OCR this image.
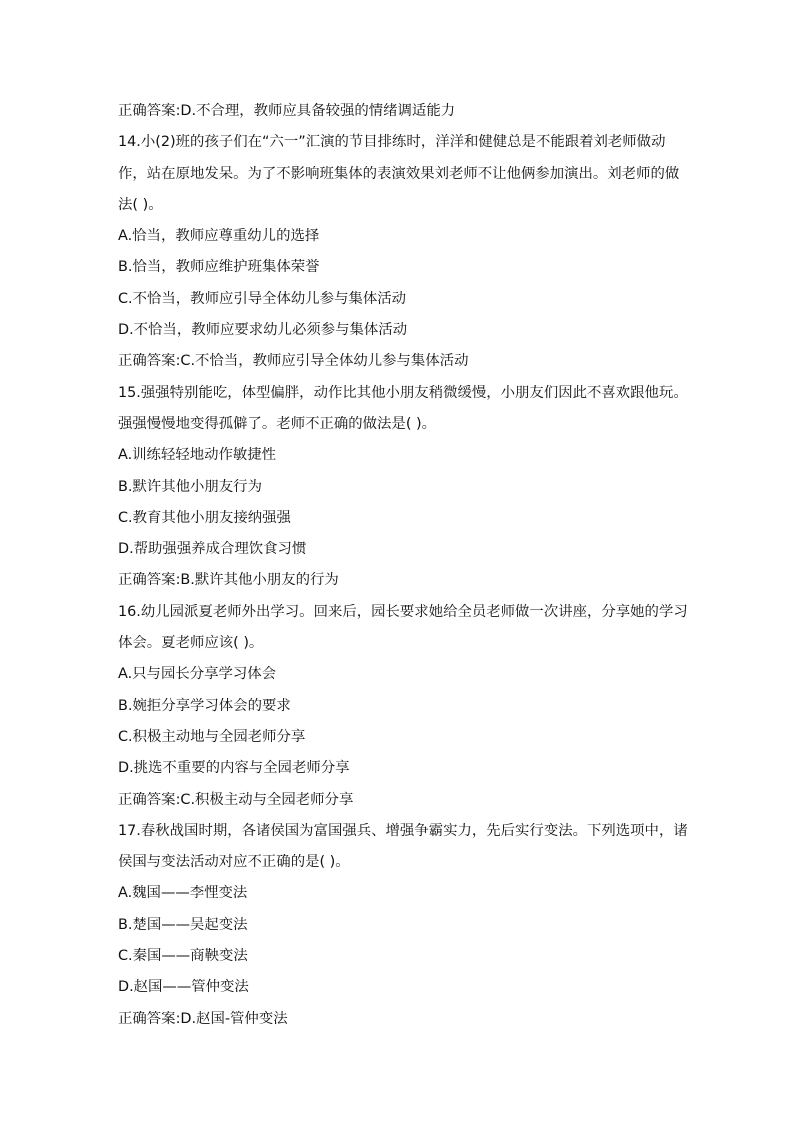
正确答案:D.不合理，教师应具备较强的情绪调适能力
14.小(2)班的孩子们在“六一”汇演的节目排练时，洋洋和健健总是不能跟着刘老师做动
作，站在原地发呆。为了不影响班集体的表演效果刘老师不让他俩参加演出。刘老师的做
法( )。
A.恰当，教师应尊重幼儿的选择
B.恰当，教师应维护班集体荣誉
C.不恰当，教师应引导全体幼儿参与集体活动
D.不恰当，教师应要求幼儿必须参与集体活动
正确答案:C.不恰当，教师应引导全体幼儿参与集体活动
15.强强特别能吃，体型偏胖，动作比其他小朋友稍微缓慢，小朋友们因此不喜欢跟他玩。
强强慢慢地变得孤僻了。老师不正确的做法是( )。
A.训练轻轻地动作敏捷性
B.默许其他小朋友行为
C.教育其他小朋友接纳强强
D.帮助强强养成合理饮食习惯
正确答案:B.默许其他小朋友的行为
16.幼儿园派夏老师外出学习。回来后，园长要求她给全员老师做一次讲座，分享她的学习
体会。夏老师应该( )。
A.只与园长分享学习体会
B.婉拒分享学习体会的要求
C.积极主动地与全园老师分享
D.挑选不重要的内容与全园老师分享
正确答案:C.积极主动与全园老师分享
17.春秋战国时期，各诸侯国为富国强兵、增强争霸实力，先后实行变法。下列选项中，诸
侯国与变法活动对应不正确的是( )。
A.魏国——李悝变法
B.楚国——吴起变法
C.秦国——商鞅变法
D.赵国——管仲变法
正确答案:D.赵国-管仲变法
